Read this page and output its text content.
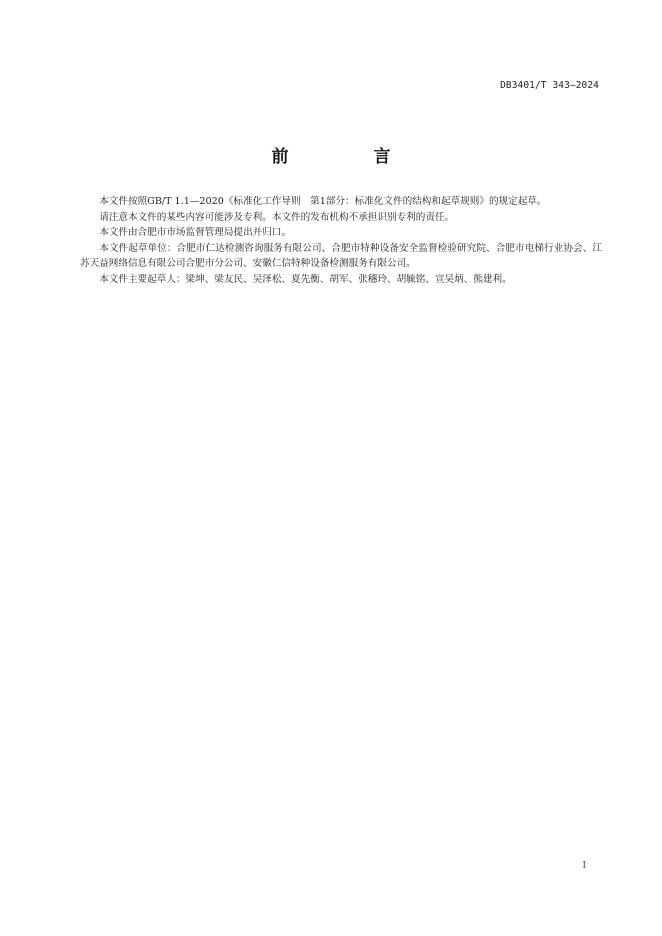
DB3401/T 343—2024
前　言

本文件按照GB/T 1.1—2020《标准化工作导则　第1部分：标准化文件的结构和起草规则》的规定起草。

请注意本文件的某些内容可能涉及专利。本文件的发布机构不承担识别专利的责任。

本文件由合肥市市场监督管理局提出并归口。

本文件起草单位：合肥市仁达检测咨询服务有限公司、合肥市特种设备安全监督检验研究院、合肥市电梯行业协会、江苏天益网络信息有限公司合肥市分公司、安徽仁信特种设备检测服务有限公司。

本文件主要起草人：梁坤、梁友民、吴泽松、夏先衡、胡军、张穗玲、胡毓铭、宣吴炳、熊建利。

I
